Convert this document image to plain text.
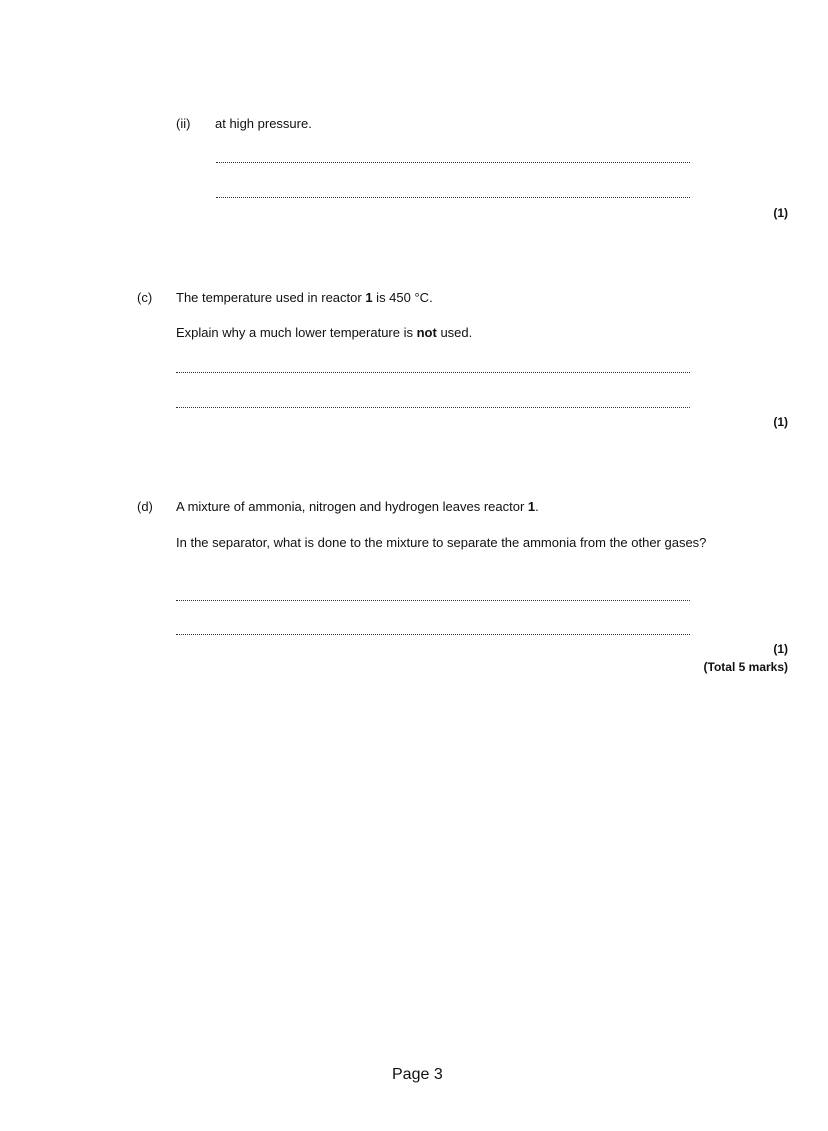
(ii) at high pressure.
(1)
(c) The temperature used in reactor 1 is 450 °C.
Explain why a much lower temperature is not used.
(1)
(d) A mixture of ammonia, nitrogen and hydrogen leaves reactor 1.
In the separator, what is done to the mixture to separate the ammonia from the other gases?
(1)
(Total 5 marks)
Page 3
